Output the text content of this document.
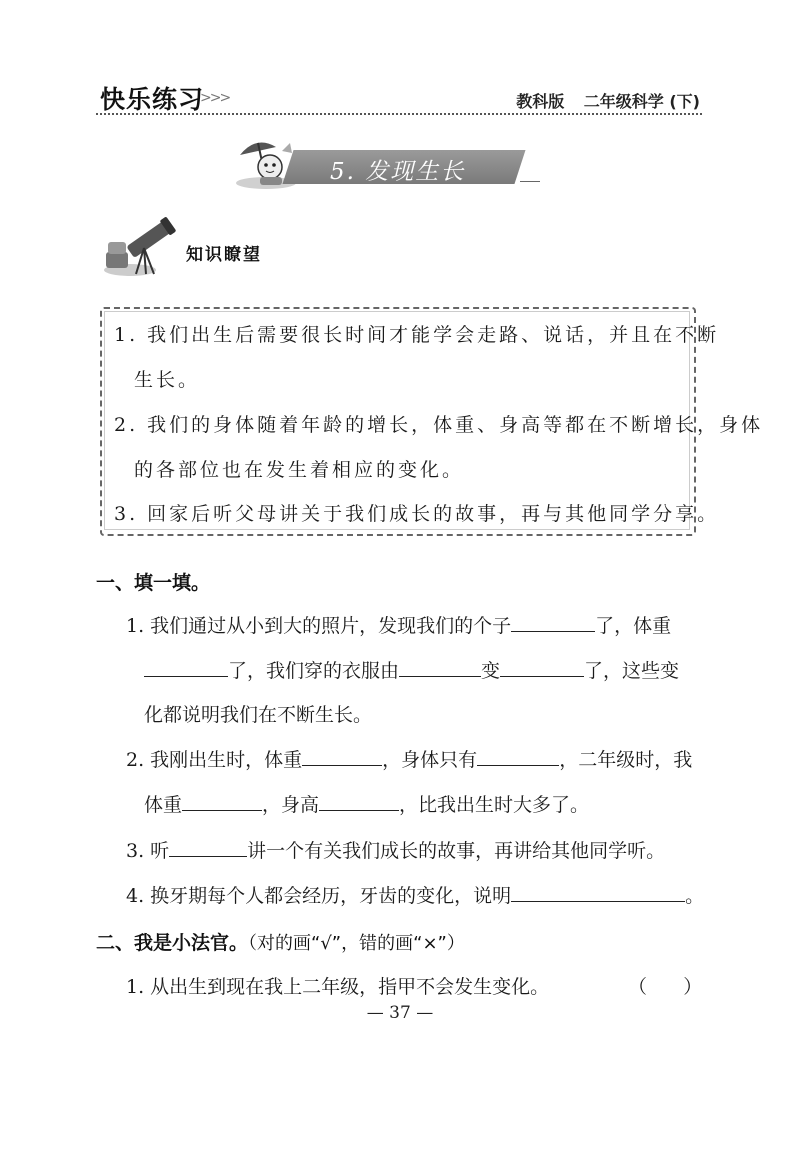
快乐练习
>>>	教科版 二年级科学 (下)
5. 发现生长
知识瞭望
1. 我们出生后需要很长时间才能学会走路、说话，并且在不断
生长。
2. 我们的身体随着年龄的增长，体重、身高等都在不断增长，身体
的各部位也在发生着相应的变化。
3. 回家后听父母讲关于我们成长的故事，再与其他同学分享。
一、填一填。
1. 我们通过从小到大的照片，发现我们的个子	了，体重
了，我们穿的衣服由	变	了，这些变
化都说明我们在不断生长。
2. 我刚出生时，体重	，身体只有	，二年级时，我
体重	，身高	，比我出生时大多了。
3. 听	讲一个有关我们成长的故事，再讲给其他同学听。
4. 换牙期每个人都会经历，牙齿的变化，说明	。
二、我是小法官。（对的画“√”，错的画“×”）
1. 从出生到现在我上二年级，指甲不会发生变化。	（      ）
— 37 —
